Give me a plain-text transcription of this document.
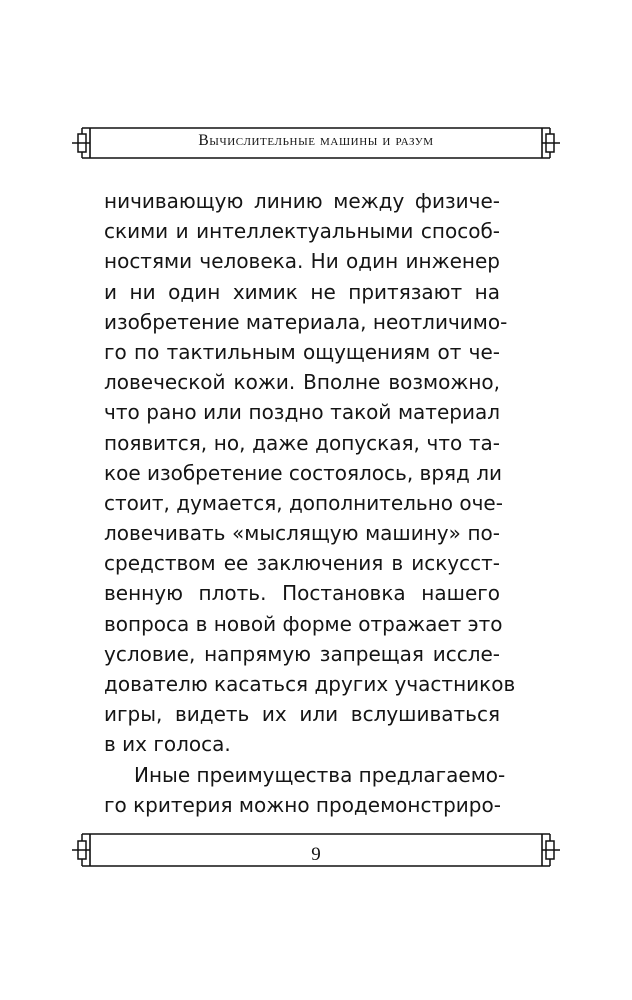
Вычислительные машины и разум
ничивающую линию между физиче-
скими и интеллектуальными способ-
ностями человека. Ни один инженер
и ни один химик не притязают на
изобретение материала, неотличимо-
го по тактильным ощущениям от че-
ловеческой кожи. Вполне возможно,
что рано или поздно такой материал
появится, но, даже допуская, что та-
кое изобретение состоялось, вряд ли
стоит, думается, дополнительно оче-
ловечивать «мыслящую машину» по-
средством ее заключения в искусст-
венную плоть. Постановка нашего
вопроса в новой форме отражает это
условие, напрямую запрещая иссле-
дователю касаться других участников
игры, видеть их или вслушиваться
в их голоса.
Иные преимущества предлагаемо-
го критерия можно продемонстриро-
9
